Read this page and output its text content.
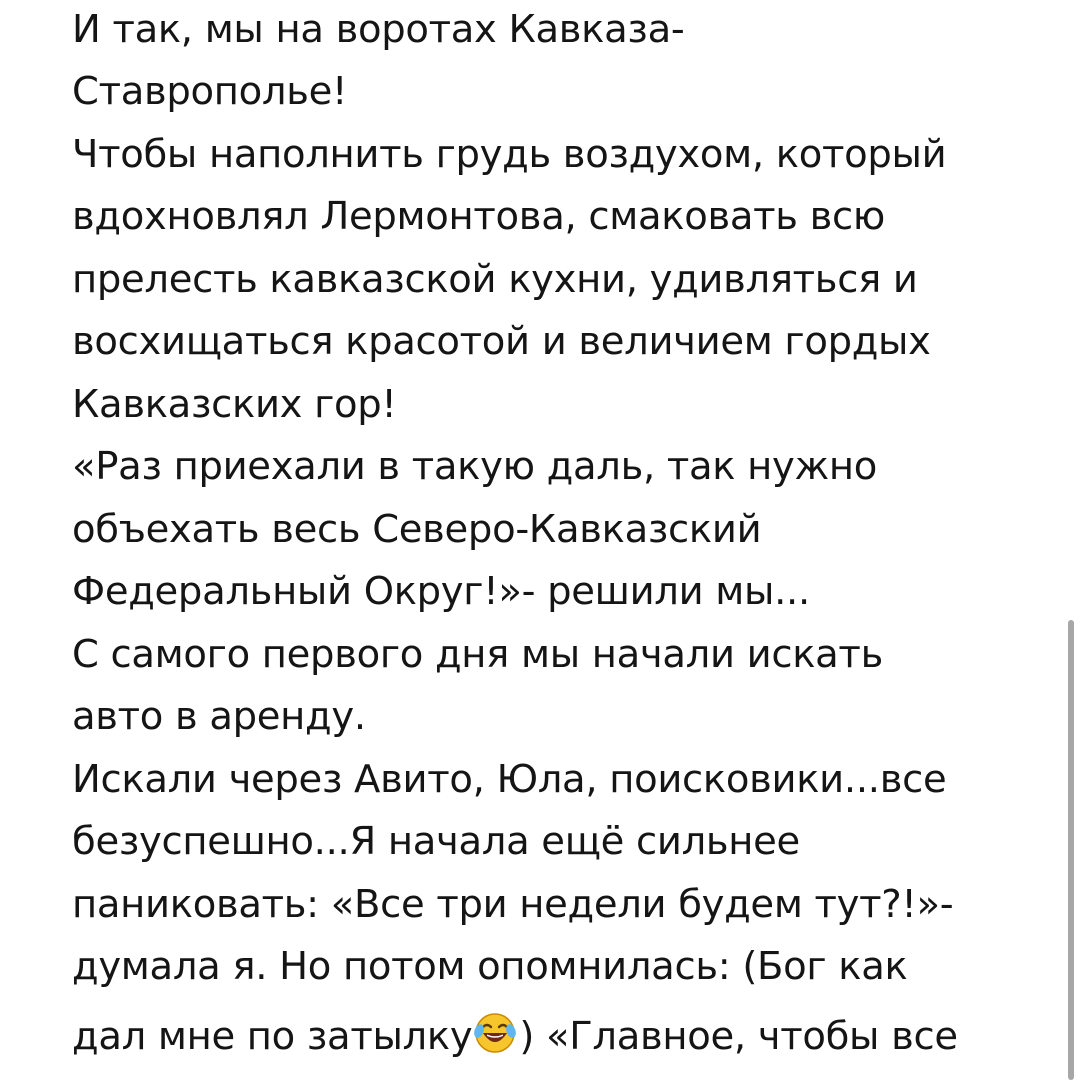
И так, мы на воротах Кавказа-
Ставрополье!
Чтобы наполнить грудь воздухом, который
вдохновлял Лермонтова, смаковать всю
прелесть кавказской кухни, удивляться и
восхищаться красотой и величием гордых
Кавказских гор!
«Раз приехали в такую даль, так нужно
объехать весь Северо-Кавказский
Федеральный Округ!»- решили мы...
С самого первого дня мы начали искать
авто в аренду.
Искали через Авито, Юла, поисковики...все
безуспешно...Я начала ещё сильнее
паниковать: «Все три недели будем тут?!»-
думала я. Но потом опомнилась: (Бог как
дал мне по затылку ) «Главное, чтобы все
